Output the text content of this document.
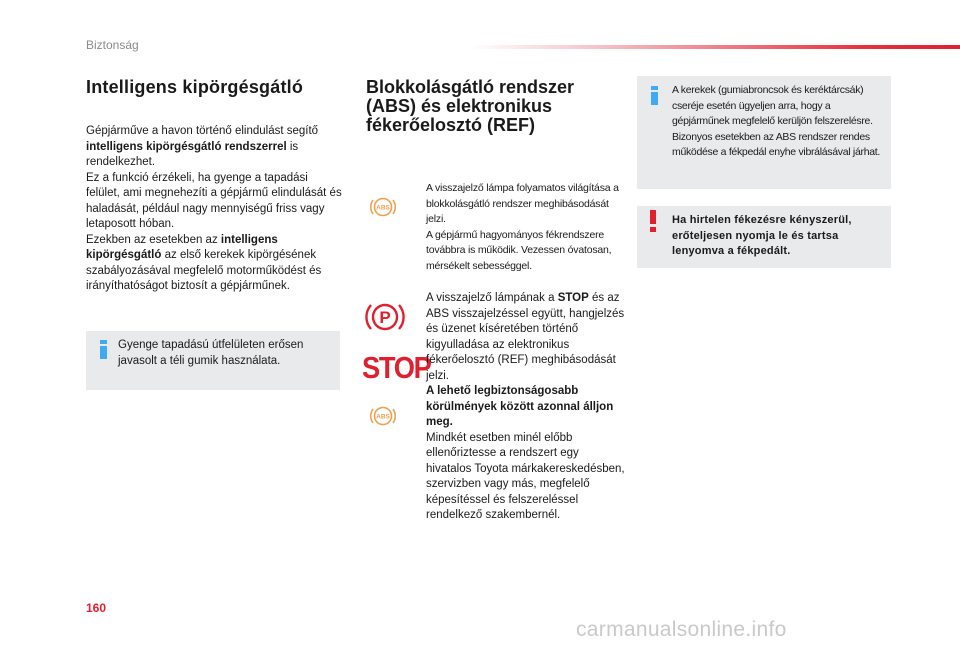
Biztonság
Intelligens kipörgésgátló
Gépjárműve a havon történő elindulást segítő intelligens kipörgésgátló rendszerrel is rendelkezhet.
Ez a funkció érzékeli, ha gyenge a tapadási felület, ami megnehezíti a gépjármű elindulását és haladását, például nagy mennyiségű friss vagy letaposott hóban.
Ezekben az esetekben az intelligens kipörgésgátló az első kerekek kipörgésének szabályozásával megfelelő motorműködést és irányíthatóságot biztosít a gépjárműnek.
Gyenge tapadású útfelületen erősen javasolt a téli gumik használata.
Blokkolásgátló rendszer (ABS) és elektronikus fékerőelosztó (REF)
ABS
A visszajelző lámpa folyamatos világítása a blokkolásgátló rendszer meghibásodását jelzi.
A gépjármű hagyományos fékrendszere továbbra is működik. Vezessen óvatosan, mérsékelt sebességgel.
P
STOP
ABS
A visszajelző lámpának a STOP és az ABS visszajelzéssel együtt, hangjelzés és üzenet kíséretében történő kigyulladása az elektronikus fékerőelosztó (REF) meghibásodását jelzi.
A lehető legbiztonságosabb körülmények között azonnal álljon meg.
Mindkét esetben minél előbb ellenőriztesse a rendszert egy hivatalos Toyota márkakereskedésben, szervizben vagy más, megfelelő képesítéssel és felszereléssel rendelkező szakembernél.
A kerekek (gumiabroncsok és keréktárcsák) cseréje esetén ügyeljen arra, hogy a gépjárműnek megfelelő kerüljön felszerelésre. Bizonyos esetekben az ABS rendszer rendes működése a fékpedál enyhe vibrálásával járhat.
Ha hirtelen fékezésre kényszerül, erőteljesen nyomja le és tartsa lenyomva a fékpedált.
160
carmanualsonline.info
